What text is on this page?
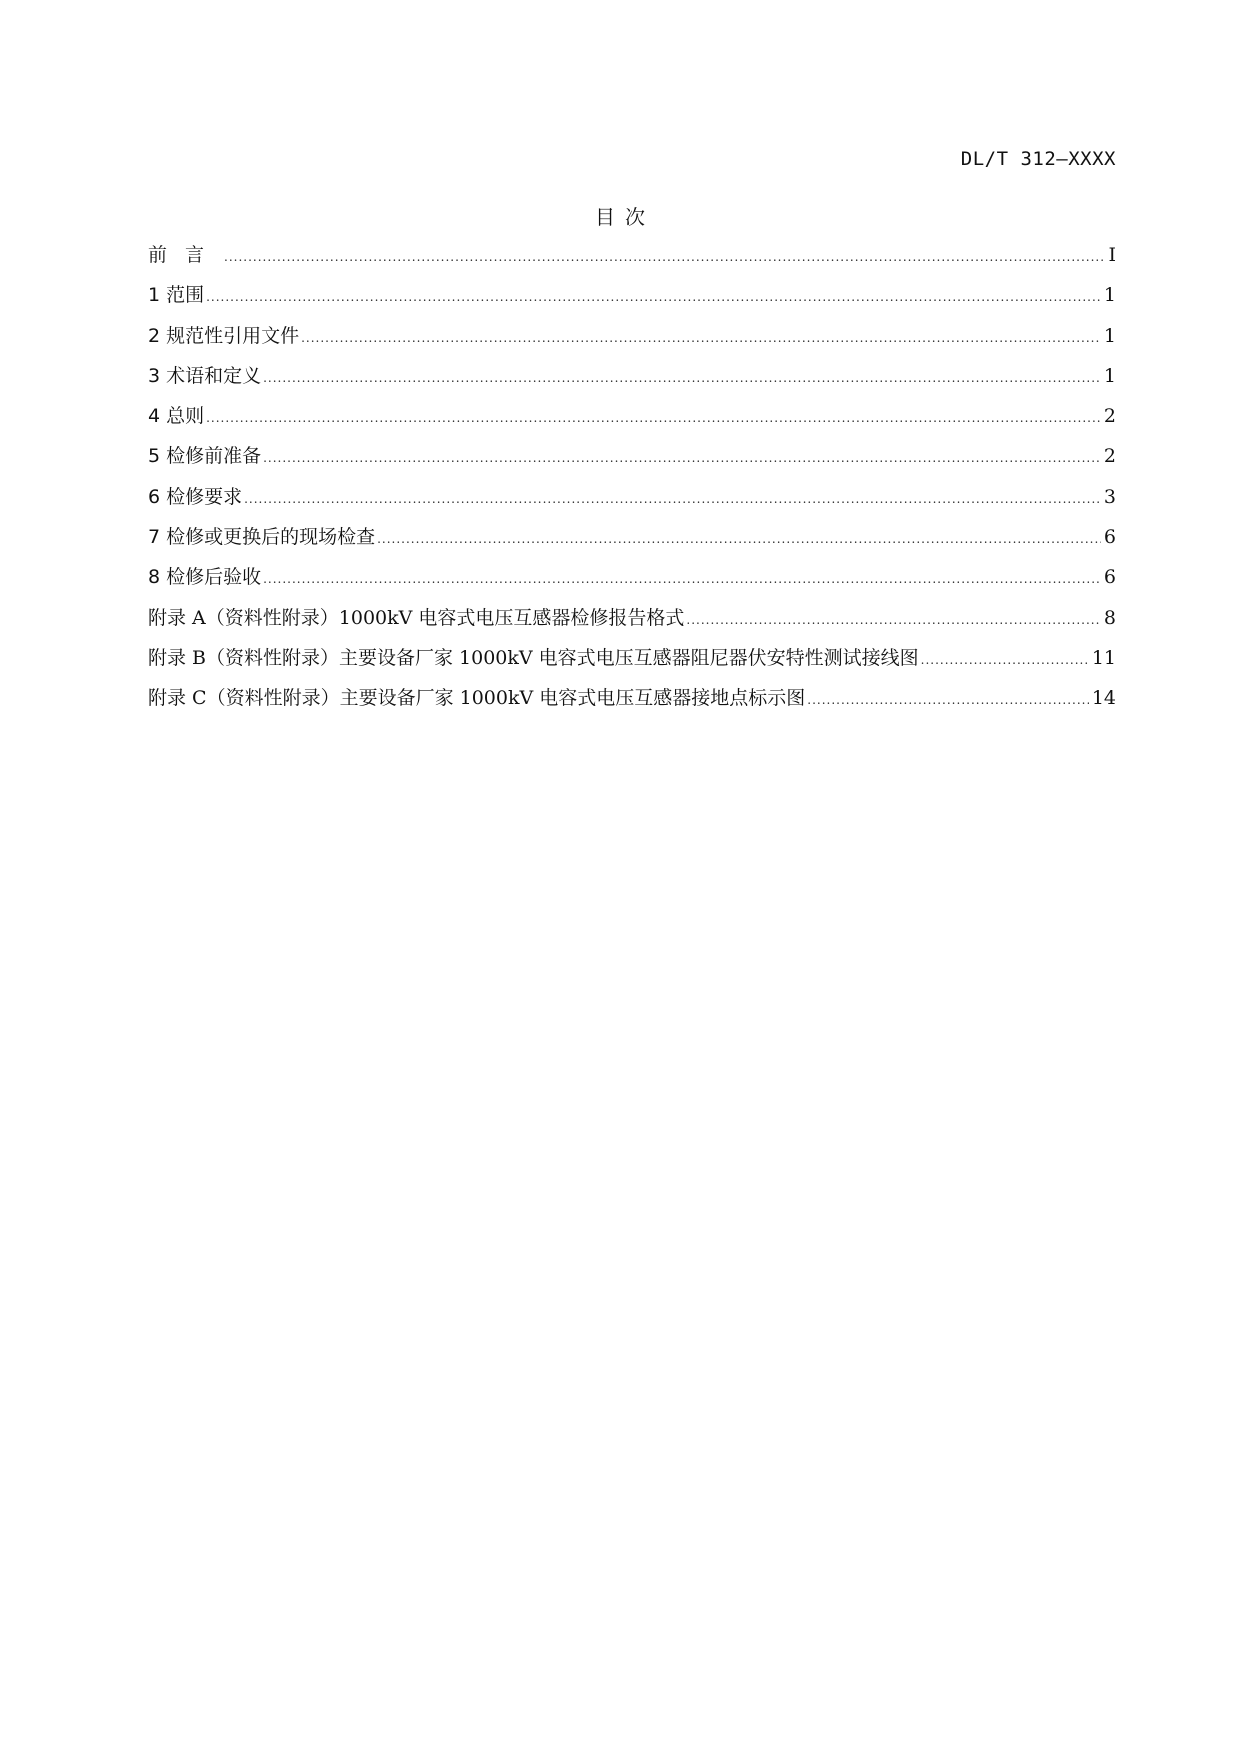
DL/T 312—XXXX
目次
前言 .....	I
1 范围 .....	1
2 规范性引用文件 .....	1
3 术语和定义 .....	1
4 总则 .....	2
5 检修前准备 .....	2
6 检修要求 .....	3
7 检修或更换后的现场检查 .....	6
8 检修后验收 .....	6
附录 A（资料性附录）1000kV 电容式电压互感器检修报告格式 .....	8
附录 B（资料性附录）主要设备厂家 1000kV 电容式电压互感器阻尼器伏安特性测试接线图 .....	11
附录 C（资料性附录）主要设备厂家 1000kV 电容式电压互感器接地点标示图 .....	14
